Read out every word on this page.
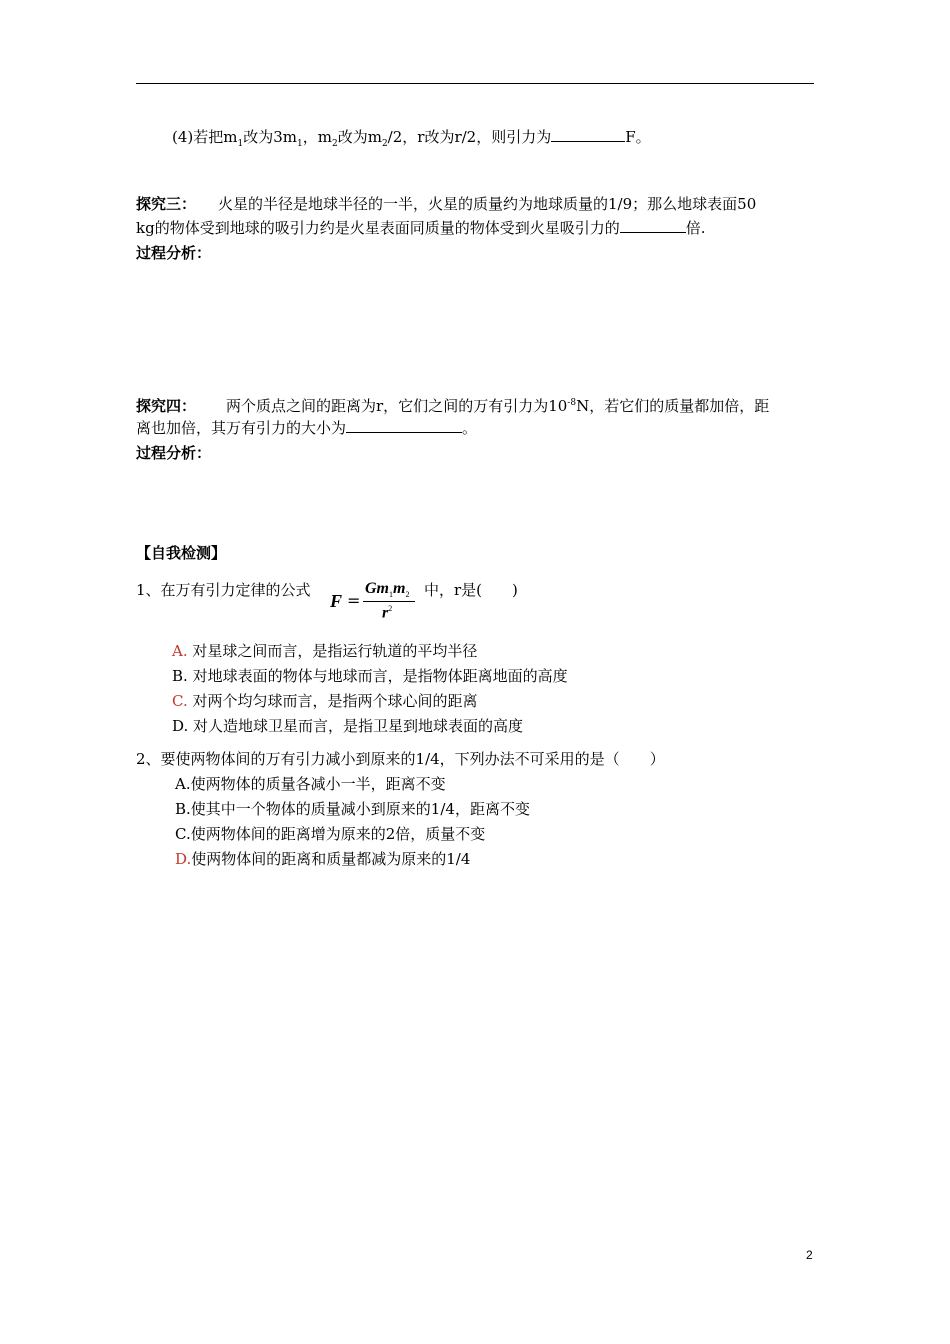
(4)若把$m_1$改为$3m_1$，$m_2$改为$m_2/2$，r改为r/2，则引力为	F。
探究三： 火星的半径是地球半径的一半，火星的质量约为地球质量的1/9；那么地球表面50
kg的物体受到地球的吸引力约是火星表面同质量的物体受到火星吸引力的	倍.
过程分析：
探究四： 两个质点之间的距离为r，它们之间的万有引力为$10^{-8}N$，若它们的质量都加倍，距
离也加倍，其万有引力的大小为	。
过程分析：
【自我检测】
1、在万有引力定律的公式
F =
$Gm_1m_2$
$r^2$
中，r是(　　)
A. 对星球之间而言，是指运行轨道的平均半径
B. 对地球表面的物体与地球而言，是指物体距离地面的高度
C. 对两个均匀球而言，是指两个球心间的距离
D. 对人造地球卫星而言，是指卫星到地球表面的高度
2、要使两物体间的万有引力减小到原来的1/4，下列办法不可采用的是（　　）
A.使两物体的质量各减小一半，距离不变
B.使其中一个物体的质量减小到原来的1/4，距离不变
C.使两物体间的距离增为原来的2倍，质量不变
D.使两物体间的距离和质量都减为原来的1/4
2
